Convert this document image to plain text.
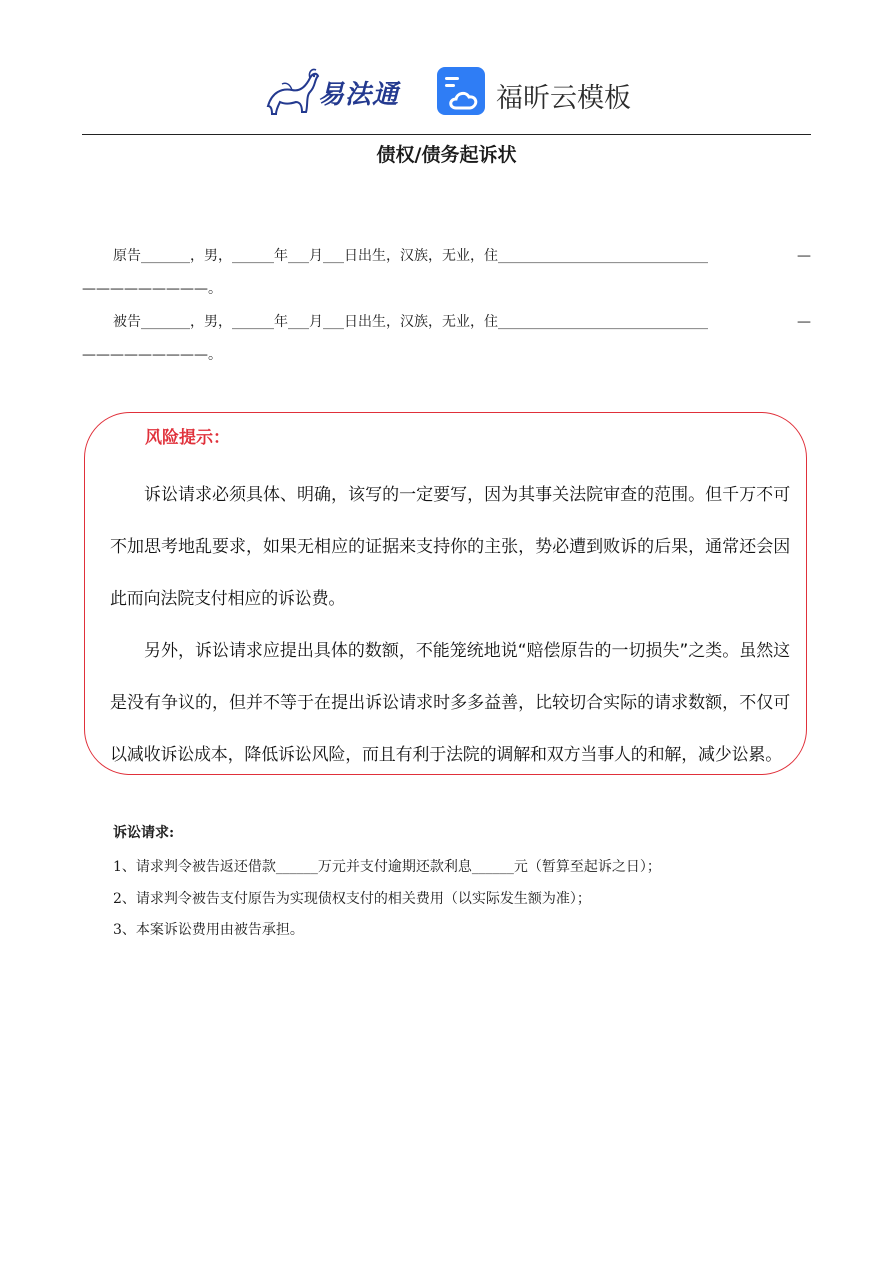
易法通	福昕云模板
债权/债务起诉状
原告_______，男，______年___月___日出生，汉族，无业，住______________________________	—
—————————。
被告_______，男，______年___月___日出生，汉族，无业，住______________________________	—
—————————。
风险提示：
诉讼请求必须具体、明确，该写的一定要写，因为其事关法院审查的范围。但千万不可不加思考地乱要求，如果无相应的证据来支持你的主张，势必遭到败诉的后果，通常还会因此而向法院支付相应的诉讼费。
另外，诉讼请求应提出具体的数额，不能笼统地说“赔偿原告的一切损失”之类。虽然这是没有争议的，但并不等于在提出诉讼请求时多多益善，比较切合实际的请求数额，不仅可以减收诉讼成本，降低诉讼风险，而且有利于法院的调解和双方当事人的和解，减少讼累。
诉讼请求:
1、请求判令被告返还借款______万元并支付逾期还款利息______元（暂算至起诉之日）；
2、请求判令被告支付原告为实现债权支付的相关费用（以实际发生额为准）；
3、本案诉讼费用由被告承担。
